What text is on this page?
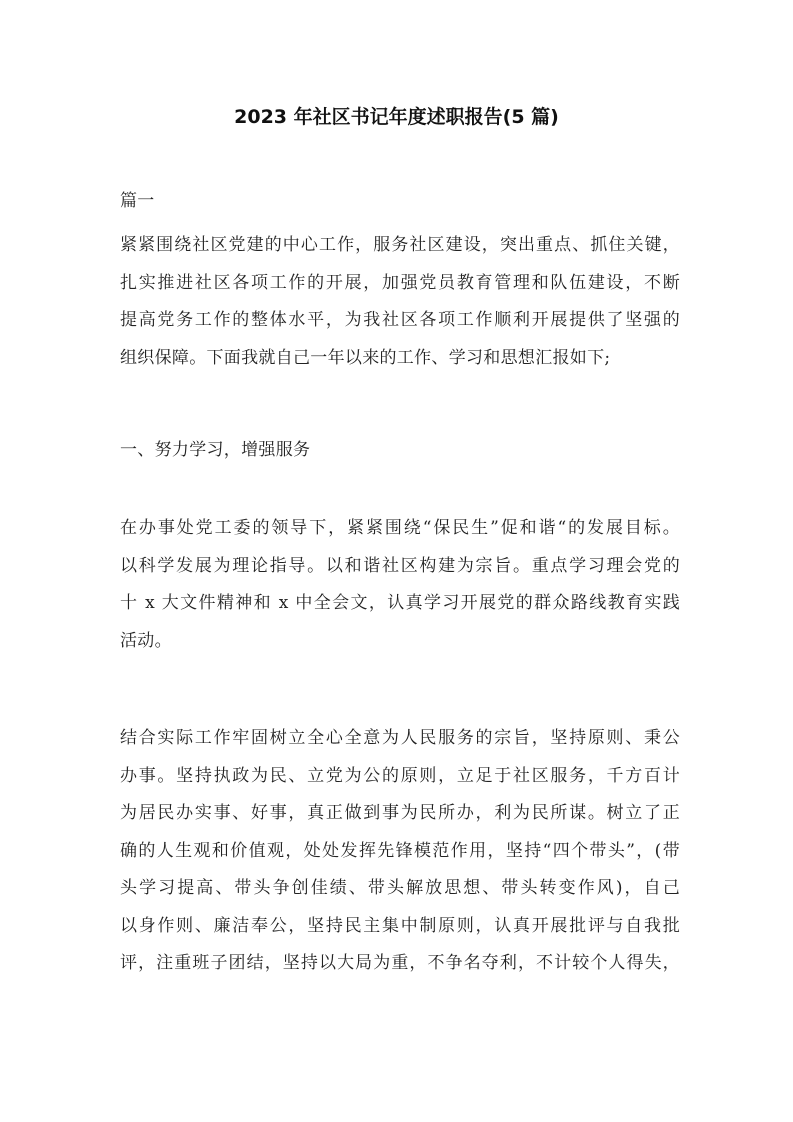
2023 年社区书记年度述职报告(5 篇)
篇一
紧紧围绕社区党建的中心工作，服务社区建设，突出重点、抓住关键，
扎实推进社区各项工作的开展，加强党员教育管理和队伍建设，不断
提高党务工作的整体水平，为我社区各项工作顺利开展提供了坚强的
组织保障。下面我就自己一年以来的工作、学习和思想汇报如下;
一、努力学习，增强服务
在办事处党工委的领导下，紧紧围绕“保民生”促和谐“的发展目标。
以科学发展为理论指导。以和谐社区构建为宗旨。重点学习理会党的
十 x 大文件精神和 x 中全会文，认真学习开展党的群众路线教育实践
活动。
结合实际工作牢固树立全心全意为人民服务的宗旨，坚持原则、秉公
办事。坚持执政为民、立党为公的原则，立足于社区服务，千方百计
为居民办实事、好事，真正做到事为民所办，利为民所谋。树立了正
确的人生观和价值观，处处发挥先锋模范作用，坚持“四个带头”，(带
头学习提高、带头争创佳绩、带头解放思想、带头转变作风)，自己
以身作则、廉洁奉公，坚持民主集中制原则，认真开展批评与自我批
评，注重班子团结，坚持以大局为重，不争名夺利，不计较个人得失，
